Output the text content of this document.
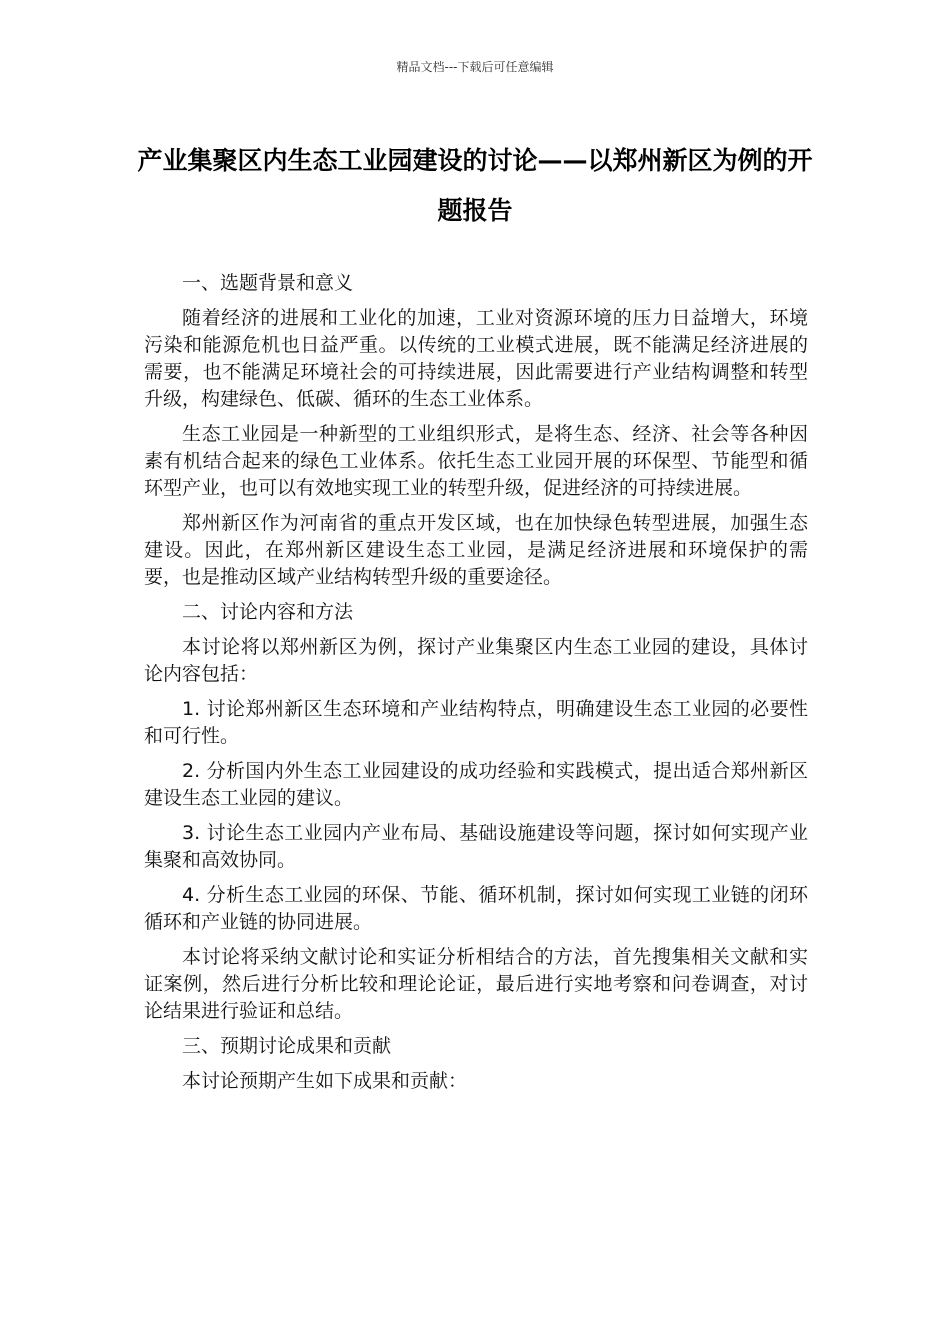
精品文档---下载后可任意编辑
产业集聚区内生态工业园建设的讨论——以郑州新区为例的开题报告

一、选题背景和意义

随着经济的进展和工业化的加速，工业对资源环境的压力日益增大，环境污染和能源危机也日益严重。以传统的工业模式进展，既不能满足经济进展的需要，也不能满足环境社会的可持续进展，因此需要进行产业结构调整和转型升级，构建绿色、低碳、循环的生态工业体系。

生态工业园是一种新型的工业组织形式，是将生态、经济、社会等各种因素有机结合起来的绿色工业体系。依托生态工业园开展的环保型、节能型和循环型产业，也可以有效地实现工业的转型升级，促进经济的可持续进展。

郑州新区作为河南省的重点开发区域，也在加快绿色转型进展，加强生态建设。因此，在郑州新区建设生态工业园，是满足经济进展和环境保护的需要，也是推动区域产业结构转型升级的重要途径。

二、讨论内容和方法

本讨论将以郑州新区为例，探讨产业集聚区内生态工业园的建设，具体讨论内容包括：

1. 讨论郑州新区生态环境和产业结构特点，明确建设生态工业园的必要性和可行性。

2. 分析国内外生态工业园建设的成功经验和实践模式，提出适合郑州新区建设生态工业园的建议。

3. 讨论生态工业园内产业布局、基础设施建设等问题，探讨如何实现产业集聚和高效协同。

4. 分析生态工业园的环保、节能、循环机制，探讨如何实现工业链的闭环循环和产业链的协同进展。

本讨论将采纳文献讨论和实证分析相结合的方法，首先搜集相关文献和实证案例，然后进行分析比较和理论论证，最后进行实地考察和问卷调查，对讨论结果进行验证和总结。

三、预期讨论成果和贡献

本讨论预期产生如下成果和贡献：
